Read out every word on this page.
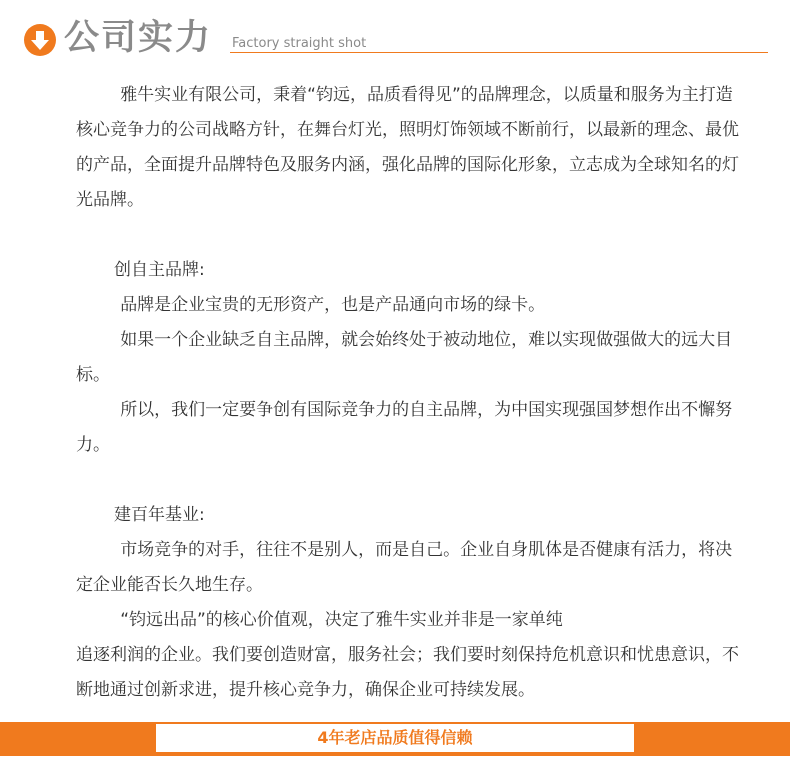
公司实力 Factory straight shot

雅牛实业有限公司，秉着“钧远，品质看得见”的品牌理念，以质量和服务为主打造核心竞争力的公司战略方针，在舞台灯光，照明灯饰领域不断前行，以最新的理念、最优的产品，全面提升品牌特色及服务内涵，强化品牌的国际化形象，立志成为全球知名的灯光品牌。

创自主品牌:

品牌是企业宝贵的无形资产，也是产品通向市场的绿卡。

如果一个企业缺乏自主品牌，就会始终处于被动地位，难以实现做强做大的远大目标。

所以，我们一定要争创有国际竞争力的自主品牌，为中国实现强国梦想作出不懈努力。

建百年基业:

市场竞争的对手，往往不是别人，而是自己。企业自身肌体是否健康有活力，将决定企业能否长久地生存。

“钧远出品”的核心价值观，决定了雅牛实业并非是一家单纯

追逐利润的企业。我们要创造财富，服务社会；我们要时刻保持危机意识和忧患意识，不断地通过创新求进，提升核心竞争力，确保企业可持续发展。

4年老店品质值得信赖
